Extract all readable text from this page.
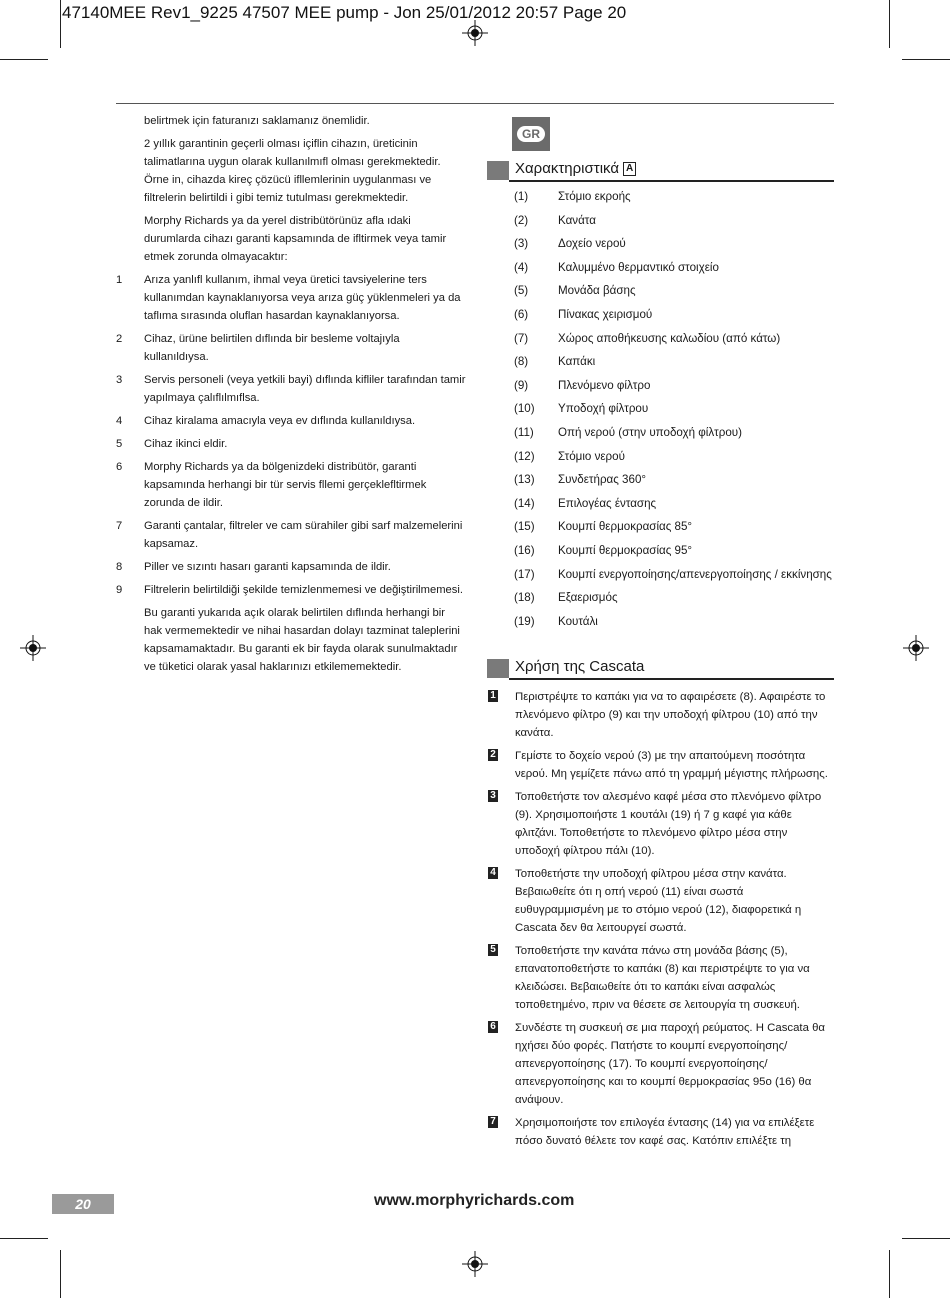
47140MEE Rev1_9225 47507 MEE pump - Jon 25/01/2012 20:57 Page 20

belirtmek için faturanızı saklamanız önemlidir.

2 yıllık garantinin geçerli olması içiflin cihazın, üreticinin talimatlarına uygun olarak kullanılmıfl olması gerekmektedir. Örne in, cihazda kireç çözücü ifllemlerinin uygulanması ve filtrelerin belirtildi i gibi temiz tutulması gerekmektedir.

Morphy Richards ya da yerel distribütörünüz afla ıdaki durumlarda cihazı garanti kapsamında de ifltirmek veya tamir etmek zorunda olmayacaktır:

1 Arıza yanlıfl kullanım, ihmal veya üretici tavsiyelerine ters kullanımdan kaynaklanıyorsa veya arıza güç yüklenmeleri ya da taflıma sırasında oluflan hasardan kaynaklanıyorsa.
2 Cihaz, ürüne belirtilen dıflında bir besleme voltajıyla kullanıldıysa.
3 Servis personeli (veya yetkili bayi) dıflında kifliler tarafından tamir yapılmaya çalıflılmıflsa.
4 Cihaz kiralama amacıyla veya ev dıflında kullanıldıysa.
5 Cihaz ikinci eldir.
6 Morphy Richards ya da bölgenizdeki distribütör, garanti kapsamında herhangi bir tür servis fllemi gerçeklefltirmek zorunda de ildir.
7 Garanti çantalar, filtreler ve cam sürahiler gibi sarf malzemelerini kapsamaz.
8 Piller ve sızıntı hasarı garanti kapsamında de ildir.
9 Filtrelerin belirtildiği şekilde temizlenmemesi ve değiştirilmemesi.

Bu garanti yukarıda açık olarak belirtilen dıflında herhangi bir hak vermemektedir ve nihai hasardan dolayı tazminat taleplerini kapsamamaktadır. Bu garanti ek bir fayda olarak sunulmaktadır ve tüketici olarak yasal haklarınızı etkilememektedir.

GR
Χαρακτηριστικά A
(1)	Στόμιο εκροής
(2)	Κανάτα
(3)	Δοχείο νερού
(4)	Καλυμμένο θερμαντικό στοιχείο
(5)	Μονάδα βάσης
(6)	Πίνακας χειρισμού
(7)	Χώρος αποθήκευσης καλωδίου (από κάτω)
(8)	Καπάκι
(9)	Πλενόμενο φίλτρο
(10) Υποδοχή φίλτρου
(11) Οπή νερού (στην υποδοχή φίλτρου)
(12) Στόμιο νερού
(13) Συνδετήρας 360°
(14) Επιλογέας έντασης
(15) Κουμπί θερμοκρασίας 85°
(16) Κουμπί θερμοκρασίας 95°
(17) Κουμπί ενεργοποίησης/απενεργοποίησης / εκκίνησης
(18) Εξαερισμός
(19) Κουτάλι
Χρήση της Cascata
1 Περιστρέψτε το καπάκι για να το αφαιρέσετε (8). Αφαιρέστε το πλενόμενο φίλτρο (9) και την υποδοχή φίλτρου (10) από την κανάτα.
2 Γεμίστε το δοχείο νερού (3) με την απαιτούμενη ποσότητα νερού. Μη γεμίζετε πάνω από τη γραμμή μέγιστης πλήρωσης.
3 Τοποθετήστε τον αλεσμένο καφέ μέσα στο πλενόμενο φίλτρο (9). Χρησιμοποιήστε 1 κουτάλι (19) ή 7 g καφέ για κάθε φλιτζάνι. Τοποθετήστε το πλενόμενο φίλτρο μέσα στην υποδοχή φίλτρου πάλι (10).
4 Τοποθετήστε την υποδοχή φίλτρου μέσα στην κανάτα. Βεβαιωθείτε ότι η οπή νερού (11) είναι σωστά ευθυγραμμισμένη με το στόμιο νερού (12), διαφορετικά η Cascata δεν θα λειτουργεί σωστά.
5 Τοποθετήστε την κανάτα πάνω στη μονάδα βάσης (5), επανατοποθετήστε το καπάκι (8) και περιστρέψτε το για να κλειδώσει. Βεβαιωθείτε ότι το καπάκι είναι ασφαλώς τοποθετημένο, πριν να θέσετε σε λειτουργία τη συσκευή.
6 Συνδέστε τη συσκευή σε μια παροχή ρεύματος. Η Cascata θα ηχήσει δύο φορές. Πατήστε το κουμπί ενεργοποίησης/απενεργοποίησης (17). Το κουμπί ενεργοποίησης/απενεργοποίησης και το κουμπί θερμοκρασίας 95ο (16) θα ανάψουν.
7 Χρησιμοποιήστε τον επιλογέα έντασης (14) για να επιλέξετε πόσο δυνατό θέλετε τον καφέ σας. Κατόπιν επιλέξτε τη
20	www.morphyrichards.com
